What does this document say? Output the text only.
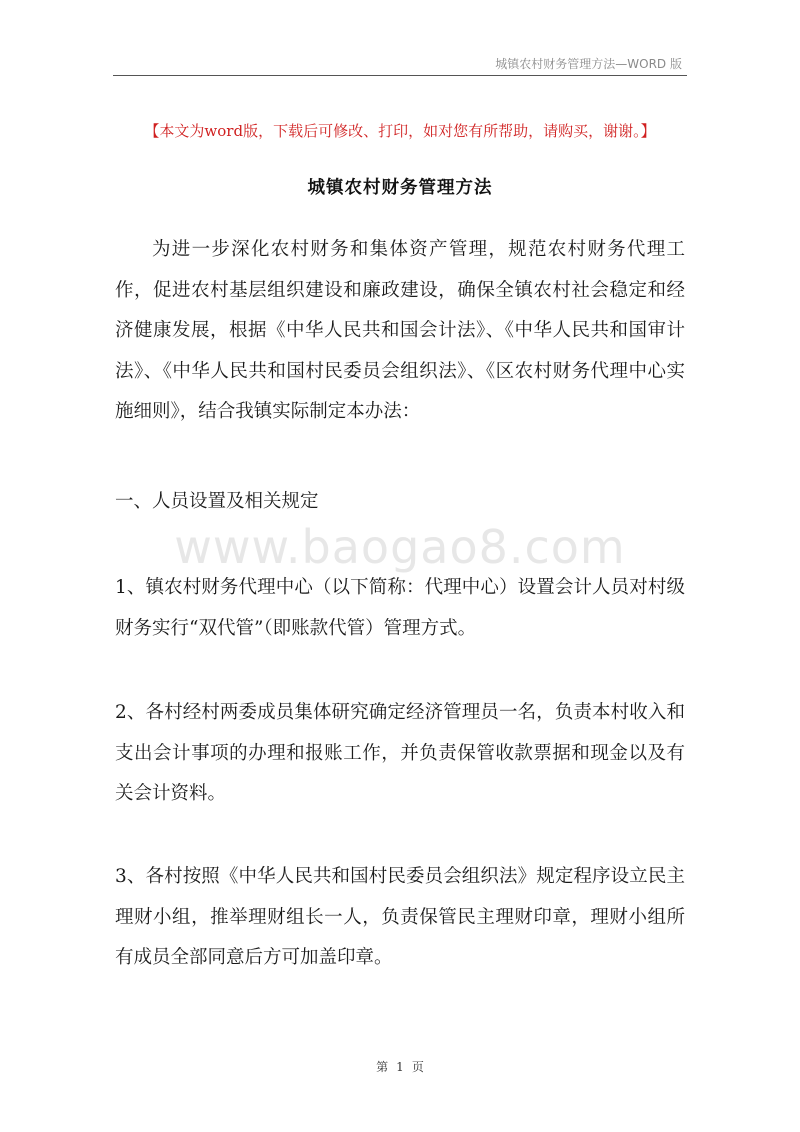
城镇农村财务管理方法—WORD 版
【本文为word版，下载后可修改、打印，如对您有所帮助，请购买，谢谢。】
城镇农村财务管理方法

为进一步深化农村财务和集体资产管理，规范农村财务代理工作，促进农村基层组织建设和廉政建设，确保全镇农村社会稳定和经济健康发展，根据《中华人民共和国会计法》、《中华人民共和国审计法》、《中华人民共和国村民委员会组织法》、《区农村财务代理中心实施细则》，结合我镇实际制定本办法：

一、人员设置及相关规定

www.baogao8.com

1、镇农村财务代理中心（以下简称：代理中心）设置会计人员对村级财务实行“双代管”（即账款代管）管理方式。

2、各村经村两委成员集体研究确定经济管理员一名，负责本村收入和支出会计事项的办理和报账工作，并负责保管收款票据和现金以及有关会计资料。

3、各村按照《中华人民共和国村民委员会组织法》规定程序设立民主理财小组，推举理财组长一人，负责保管民主理财印章，理财小组所有成员全部同意后方可加盖印章。

第 1 页
